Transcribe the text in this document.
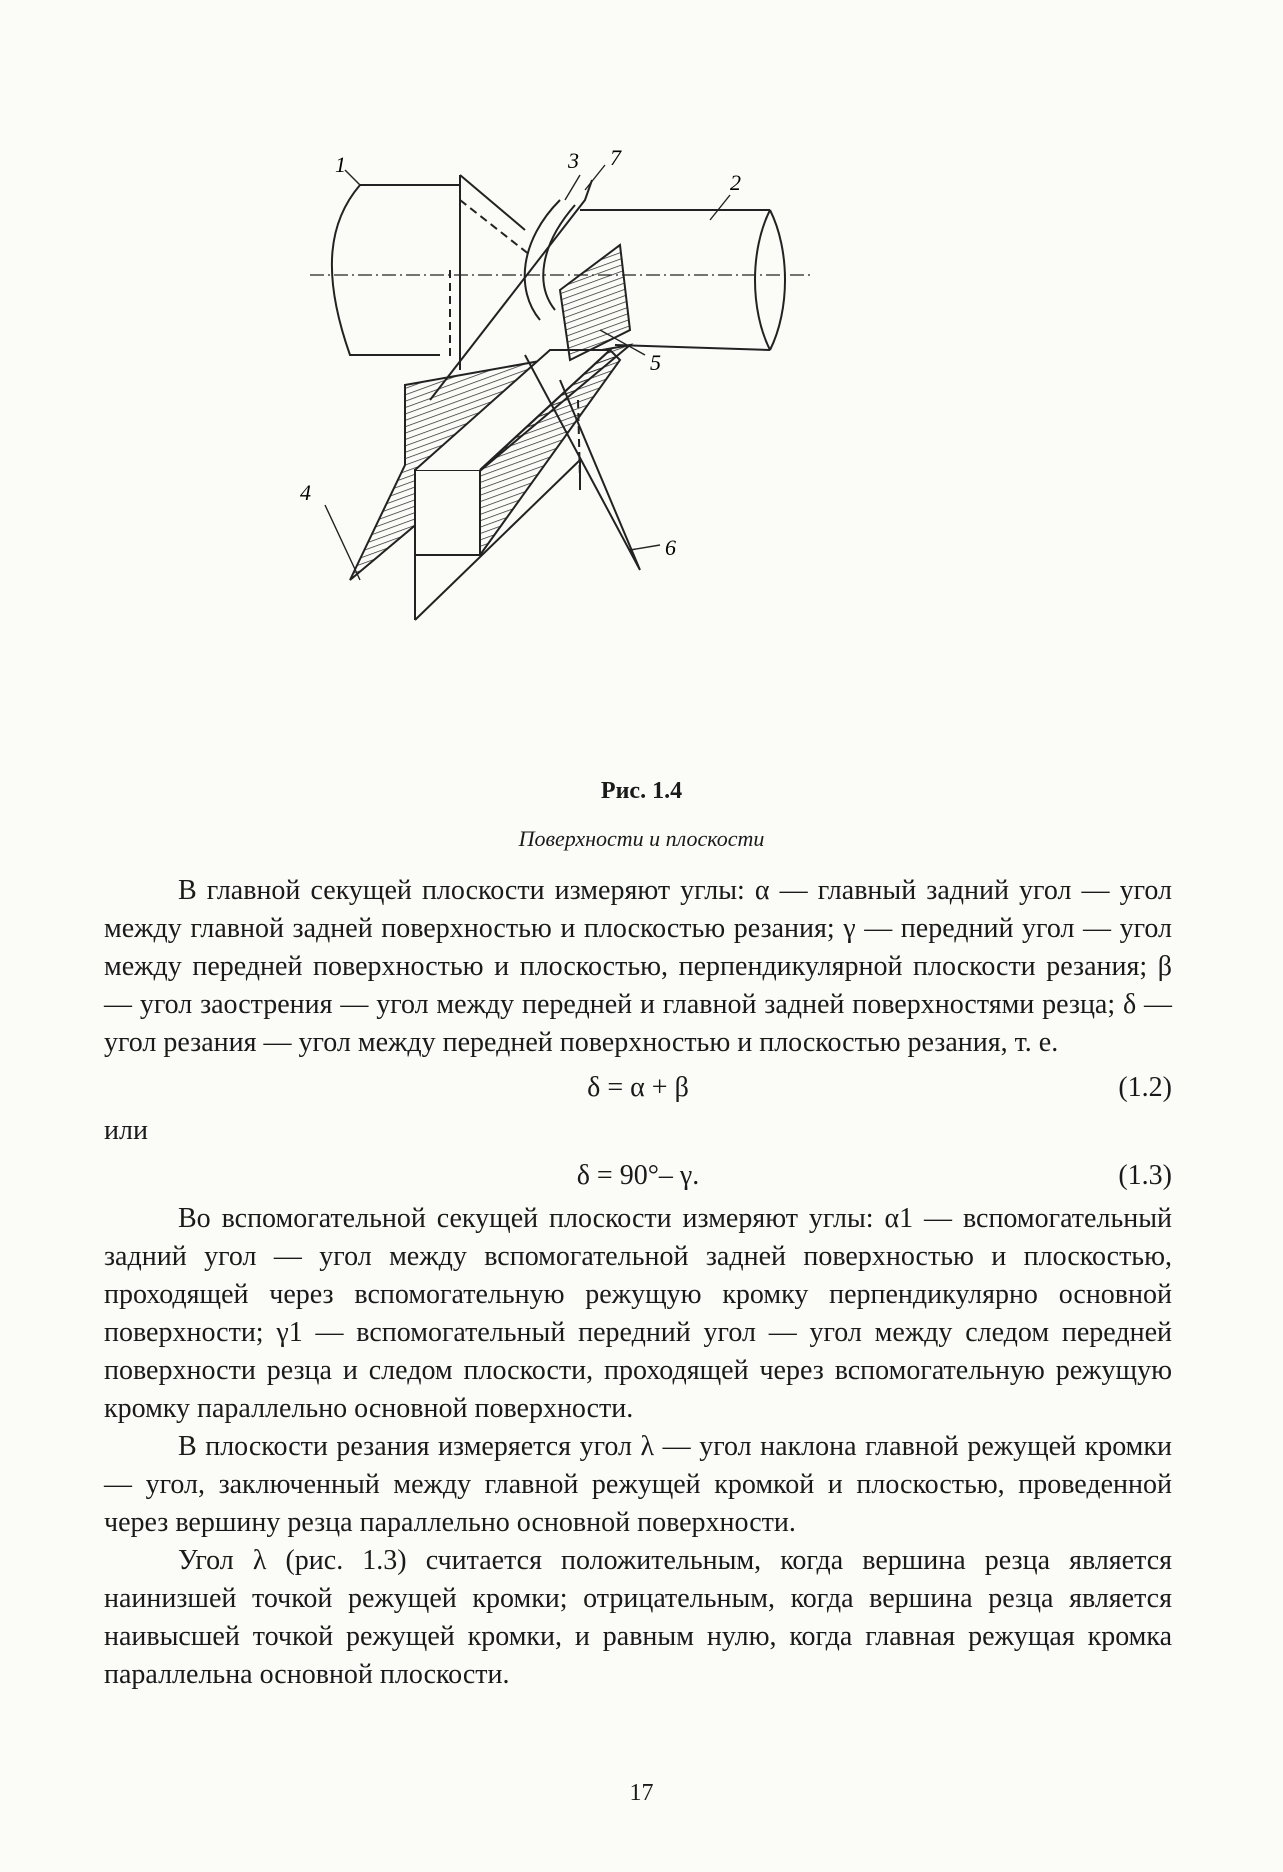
1
2
3
4
5
6
7
Рис. 1.4
Поверхности и плоскости

В главной секущей плоскости измеряют углы: α — главный задний угол — угол между главной задней поверхностью и плоскостью резания; γ — передний угол — угол между передней поверхностью и плоскостью, перпендикулярной плоскости резания; β — угол заострения — угол между передней и главной задней поверхностями резца; δ — угол резания — угол между передней поверхностью и плоскостью резания, т. е.

δ = α + β	(1.2)

или

δ = 90°– γ.	(1.3)

Во вспомогательной секущей плоскости измеряют углы: α1 — вспомогательный задний угол — угол между вспомогательной задней поверхностью и плоскостью, проходящей через вспомогательную режущую кромку перпендикулярно основной поверхности; γ1 — вспомогательный передний угол — угол между следом передней поверхности резца и следом плоскости, проходящей через вспомогательную режущую кромку параллельно основной поверхности.

В плоскости резания измеряется угол λ — угол наклона главной режущей кромки — угол, заключенный между главной режущей кромкой и плоскостью, проведенной через вершину резца параллельно основной поверхности.

Угол λ (рис. 1.3) считается положительным, когда вершина резца является наинизшей точкой режущей кромки; отрицательным, когда вершина резца является наивысшей точкой режущей кромки, и равным нулю, когда главная режущая кромка параллельна основной плоскости.

17
